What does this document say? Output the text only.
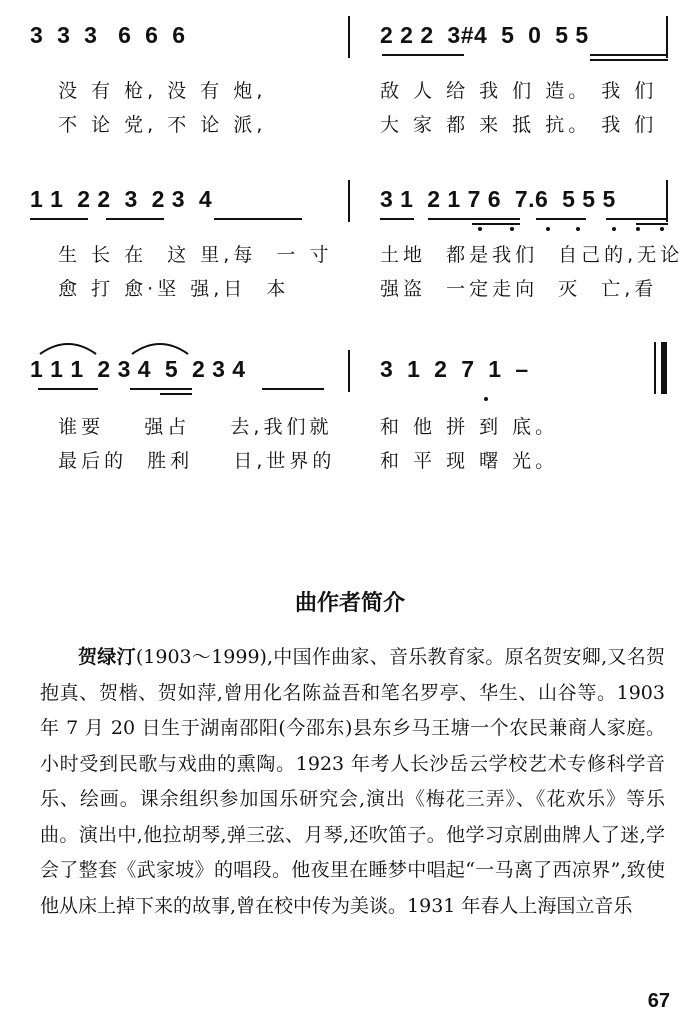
3  3  3   6  6  6

	2 2 2  3#4  5  0  5 5

没 有 枪, 没 有 炮,

	敌 人 给 我 们 造。 我 们

不 论 党, 不 论 派,

	大 家 都 来 抵 抗。 我 们

1 1  2 2  3  2 3  4

	3 1  2 1 7 6  7.6  5 5 5

生 长 在  这 里,每  一 寸

	土地  都是我们  自己的,无论

愈 打 愈·坚 强,日  本

	强盗  一定走向  灭  亡,看

1 1 1  2 3 4  5  2 3 4

	3  1  2  7  1  –

谁要    强占    去,我们就

	和 他 拼 到 底。

最后的  胜利    日,世界的

和 平 现 曙 光。

曲作者简介

贺绿汀(1903～1999),中国作曲家、音乐教育家。原名贺安卿,又名贺抱真、贺楷、贺如萍,曾用化名陈益吾和笔名罗亭、华生、山谷等。1903 年 7 月 20 日生于湖南邵阳(今邵东)县东乡马王塘一个农民兼商人家庭。小时受到民歌与戏曲的熏陶。1923 年考人长沙岳云学校艺术专修科学音乐、绘画。课余组织参加国乐研究会,演出《梅花三弄》、《花欢乐》等乐曲。演出中,他拉胡琴,弹三弦、月琴,还吹笛子。他学习京剧曲牌人了迷,学会了整套《武家坡》的唱段。他夜里在睡梦中唱起“一马离了西凉界”,致使他从床上掉下来的故事,曾在校中传为美谈。1931 年春人上海国立音乐

67
